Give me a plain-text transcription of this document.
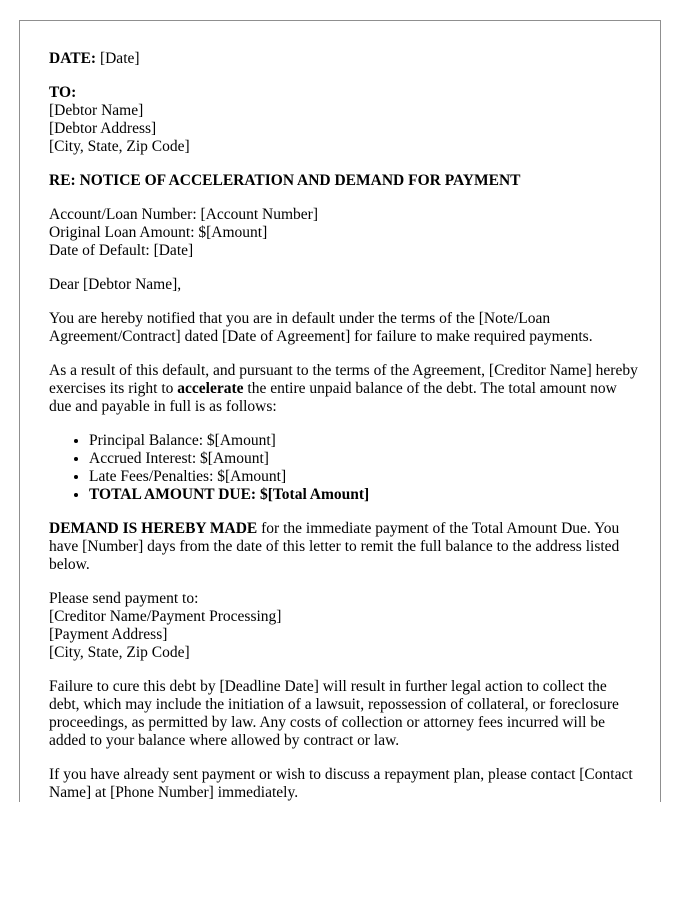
DATE: [Date]

TO:
[Debtor Name]
[Debtor Address]
[City, State, Zip Code]

RE: NOTICE OF ACCELERATION AND DEMAND FOR PAYMENT

Account/Loan Number: [Account Number]
Original Loan Amount: $[Amount]
Date of Default: [Date]

Dear [Debtor Name],

You are hereby notified that you are in default under the terms of the [Note/Loan Agreement/Contract] dated [Date of Agreement] for failure to make required payments.

As a result of this default, and pursuant to the terms of the Agreement, [Creditor Name] hereby exercises its right to accelerate the entire unpaid balance of the debt. The total amount now due and payable in full is as follows:

• Principal Balance: $[Amount]
• Accrued Interest: $[Amount]
• Late Fees/Penalties: $[Amount]
• TOTAL AMOUNT DUE: $[Total Amount]

DEMAND IS HEREBY MADE for the immediate payment of the Total Amount Due. You have [Number] days from the date of this letter to remit the full balance to the address listed below.

Please send payment to:
[Creditor Name/Payment Processing]
[Payment Address]
[City, State, Zip Code]

Failure to cure this debt by [Deadline Date] will result in further legal action to collect the debt, which may include the initiation of a lawsuit, repossession of collateral, or foreclosure proceedings, as permitted by law. Any costs of collection or attorney fees incurred will be added to your balance where allowed by contract or law.

If you have already sent payment or wish to discuss a repayment plan, please contact [Contact Name] at [Phone Number] immediately.
